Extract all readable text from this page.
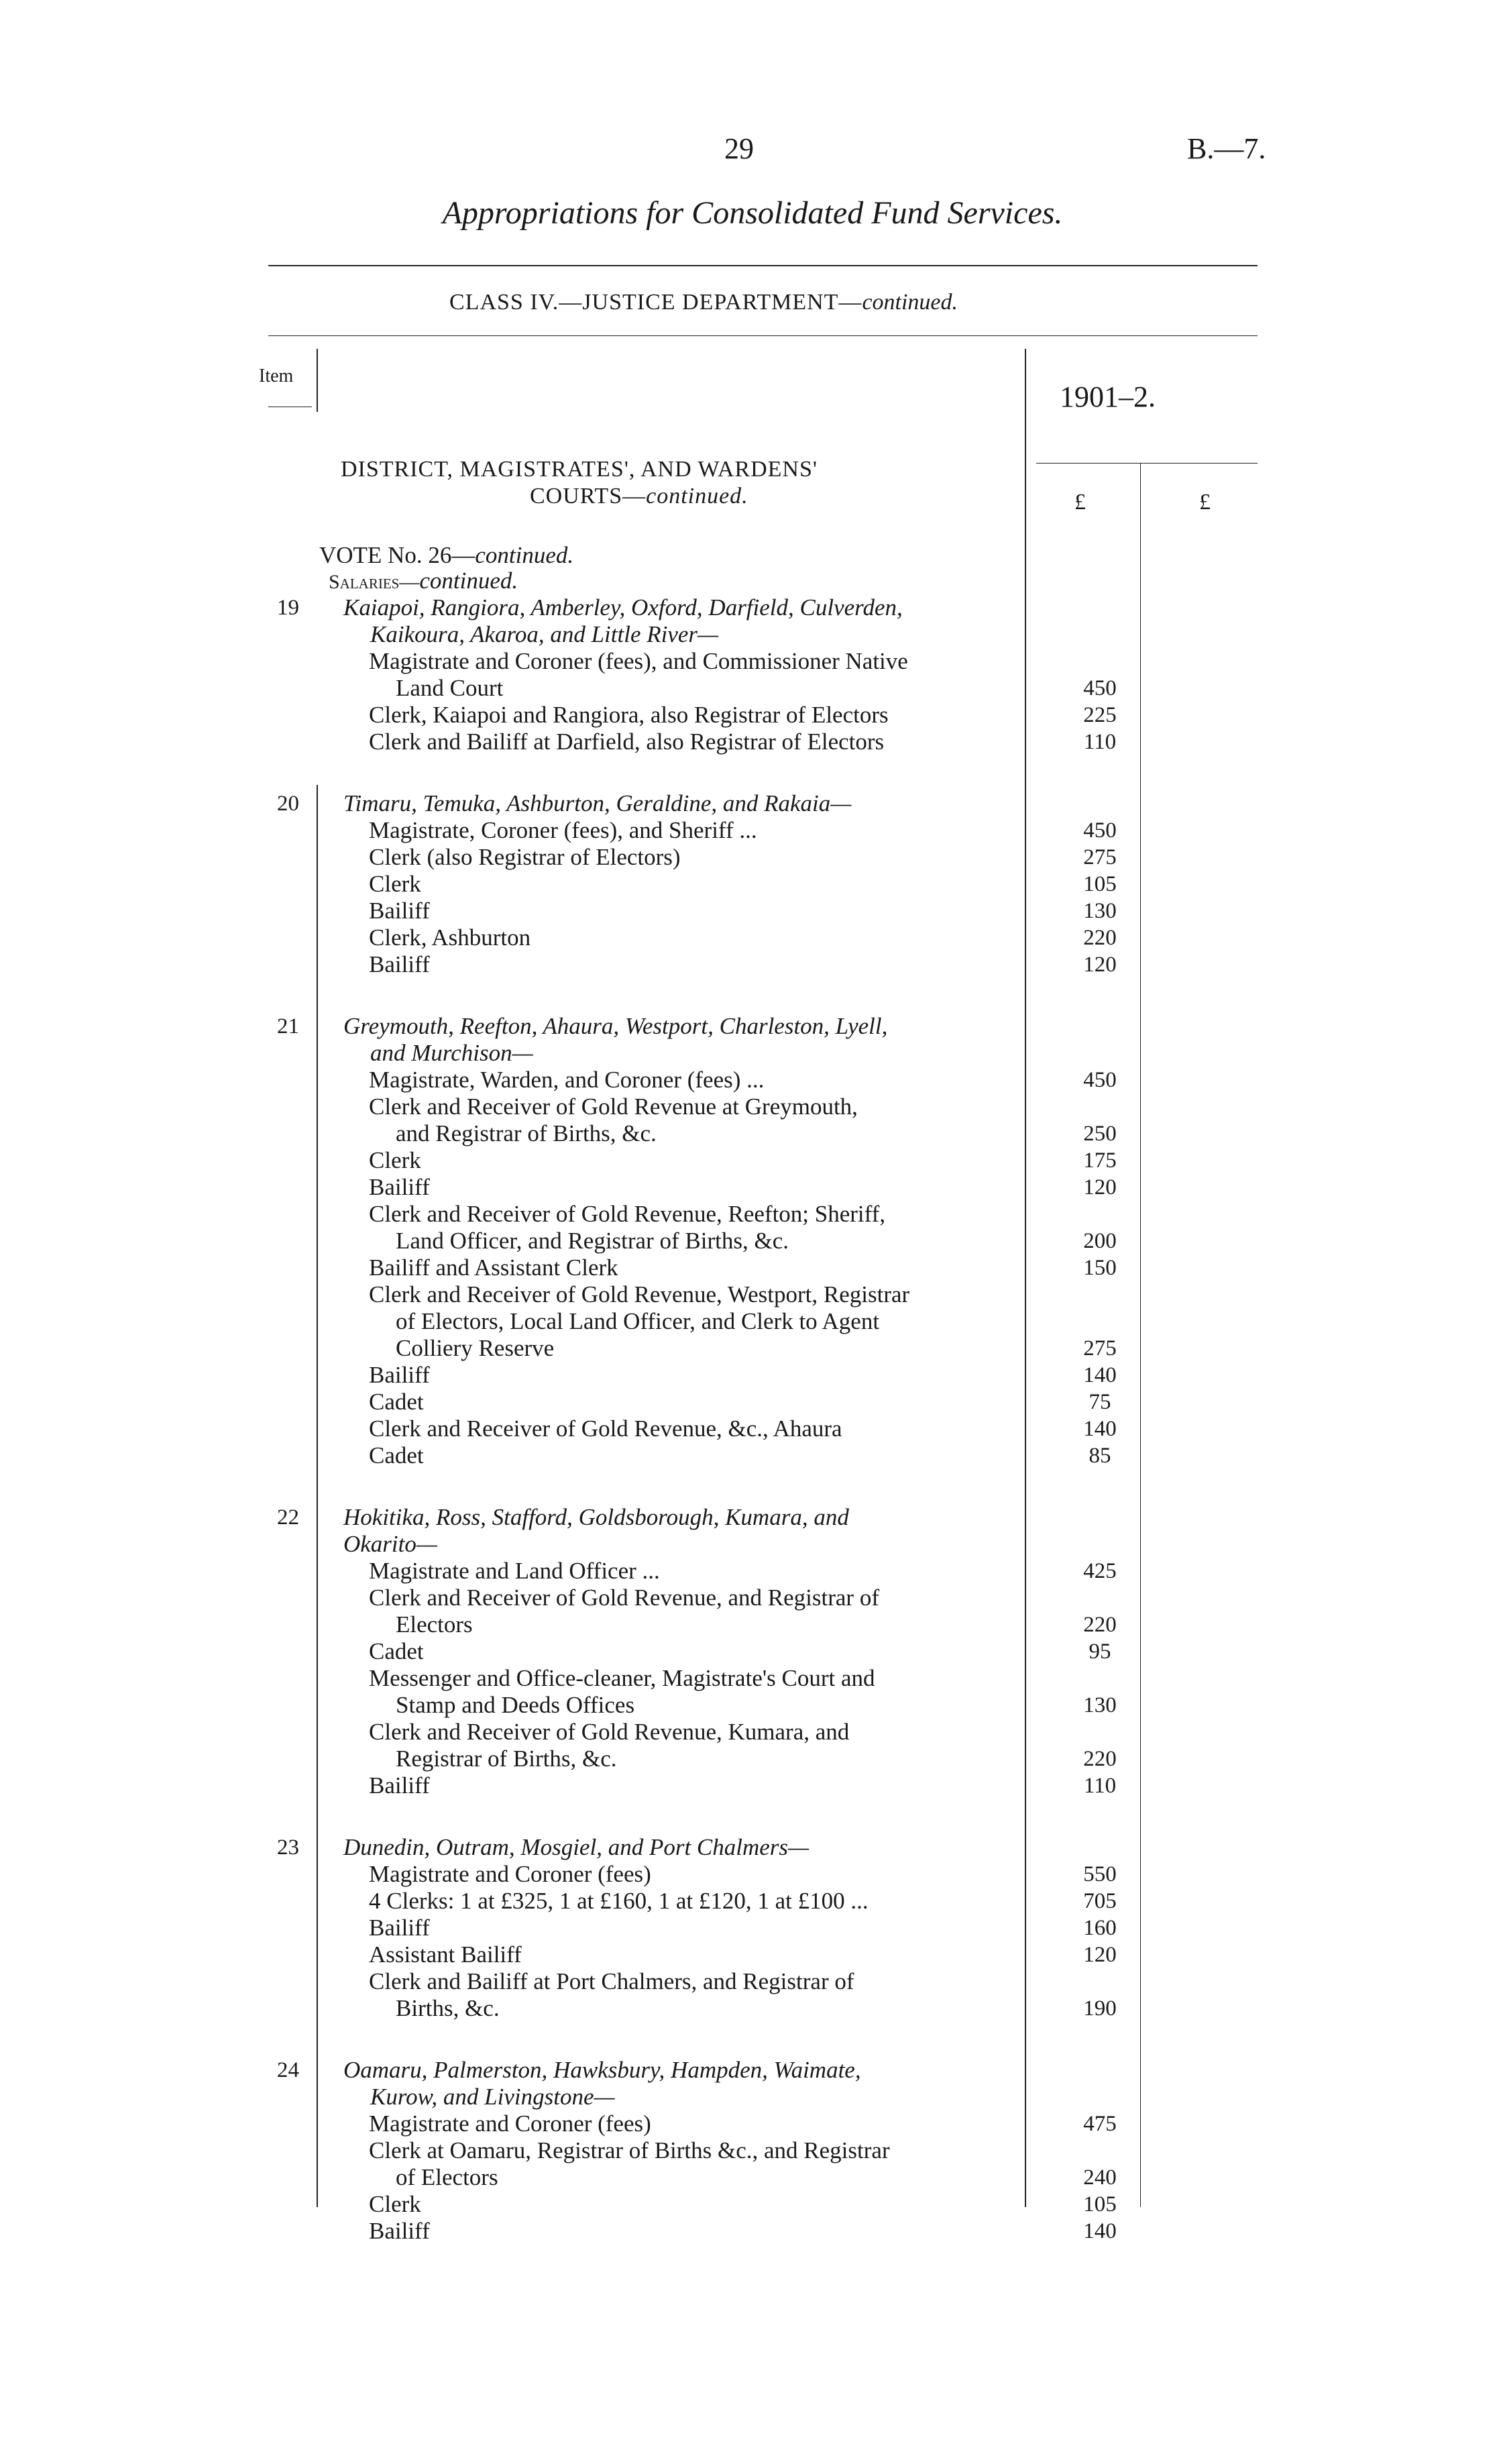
29	B.—7.
Appropriations for Consolidated Fund Services.
CLASS IV.—JUSTICE DEPARTMENT—continued.
Item
1901–2.
DISTRICT, MAGISTRATES', AND WARDENS'
COURTS—continued.	£	£
VOTE No. 26—continued.
Salaries—continued.
19 Kaiapoi, Rangiora, Amberley, Oxford, Darfield, Culverden,
Kaikoura, Akaroa, and Little River—
Magistrate and Coroner (fees), and Commissioner Native
Land Court	450
Clerk, Kaiapoi and Rangiora, also Registrar of Electors	225
Clerk and Bailiff at Darfield, also Registrar of Electors	110
20 Timaru, Temuka, Ashburton, Geraldine, and Rakaia—
Magistrate, Coroner (fees), and Sheriff ...	450
Clerk (also Registrar of Electors)	275
Clerk	105
Bailiff	130
Clerk, Ashburton	220
Bailiff	120
21 Greymouth, Reefton, Ahaura, Westport, Charleston, Lyell,
and Murchison—
Magistrate, Warden, and Coroner (fees) ...	450
Clerk and Receiver of Gold Revenue at Greymouth,
and Registrar of Births, &c.	250
Clerk	175
Bailiff	120
Clerk and Receiver of Gold Revenue, Reefton; Sheriff,
Land Officer, and Registrar of Births, &c.	200
Bailiff and Assistant Clerk	150
Clerk and Receiver of Gold Revenue, Westport, Registrar
of Electors, Local Land Officer, and Clerk to Agent
Colliery Reserve	275
Bailiff	140
Cadet	75
Clerk and Receiver of Gold Revenue, &c., Ahaura	140
Cadet	85
22 Hokitika, Ross, Stafford, Goldsborough, Kumara, and
Okarito—
Magistrate and Land Officer ...	425
Clerk and Receiver of Gold Revenue, and Registrar of
Electors	220
Cadet	95
Messenger and Office-cleaner, Magistrate's Court and
Stamp and Deeds Offices	130
Clerk and Receiver of Gold Revenue, Kumara, and
Registrar of Births, &c.	220
Bailiff	110
23 Dunedin, Outram, Mosgiel, and Port Chalmers—
Magistrate and Coroner (fees)	550
4 Clerks: 1 at £325, 1 at £160, 1 at £120, 1 at £100 ...	705
Bailiff	160
Assistant Bailiff	120
Clerk and Bailiff at Port Chalmers, and Registrar of
Births, &c.	190
24 Oamaru, Palmerston, Hawksbury, Hampden, Waimate,
Kurow, and Livingstone—
Magistrate and Coroner (fees)	475
Clerk at Oamaru, Registrar of Births &c., and Registrar
of Electors	240
Clerk	105
Bailiff	140
